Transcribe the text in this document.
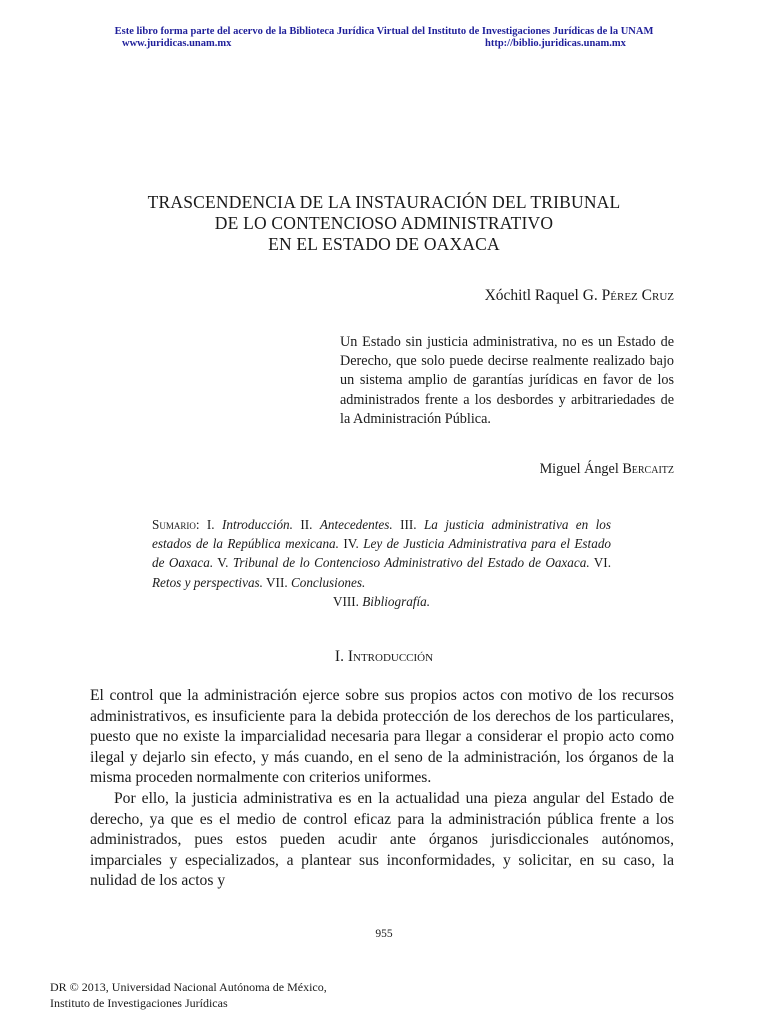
Este libro forma parte del acervo de la Biblioteca Jurídica Virtual del Instituto de Investigaciones Jurídicas de la UNAM
www.juridicas.unam.mx	http://biblio.juridicas.unam.mx
TRASCENDENCIA DE LA INSTAURACIÓN DEL TRIBUNAL
DE LO CONTENCIOSO ADMINISTRATIVO
EN EL ESTADO DE OAXACA
Xóchitl Raquel G. Pérez Cruz
Un Estado sin justicia administrativa, no es un Estado de Derecho, que solo puede decirse realmente realizado bajo un sistema amplio de garantías jurídicas en favor de los administrados frente a los desbordes y arbitrariedades de la Administración Pública.
Miguel Ángel Bercaitz
Sumario: I. Introducción. II. Antecedentes. III. La justicia administrativa en los estados de la República mexicana. IV. Ley de Justicia Administrativa para el Estado de Oaxaca. V. Tribunal de lo Contencioso Administrativo del Estado de Oaxaca. VI. Retos y perspectivas. VII. Conclusiones.
VIII. Bibliografía.
I. Introducción

El control que la administración ejerce sobre sus propios actos con motivo de los recursos administrativos, es insuficiente para la debida protección de los derechos de los particulares, puesto que no existe la imparcialidad necesaria para llegar a considerar el propio acto como ilegal y dejarlo sin efecto, y más cuando, en el seno de la administración, los órganos de la misma proceden normalmente con criterios uniformes.

Por ello, la justicia administrativa es en la actualidad una pieza angular del Estado de derecho, ya que es el medio de control eficaz para la administración pública frente a los administrados, pues estos pueden acudir ante órganos jurisdiccionales autónomos, imparciales y especializados, a plantear sus inconformidades, y solicitar, en su caso, la nulidad de los actos y

955
DR © 2013, Universidad Nacional Autónoma de México,
Instituto de Investigaciones Jurídicas
